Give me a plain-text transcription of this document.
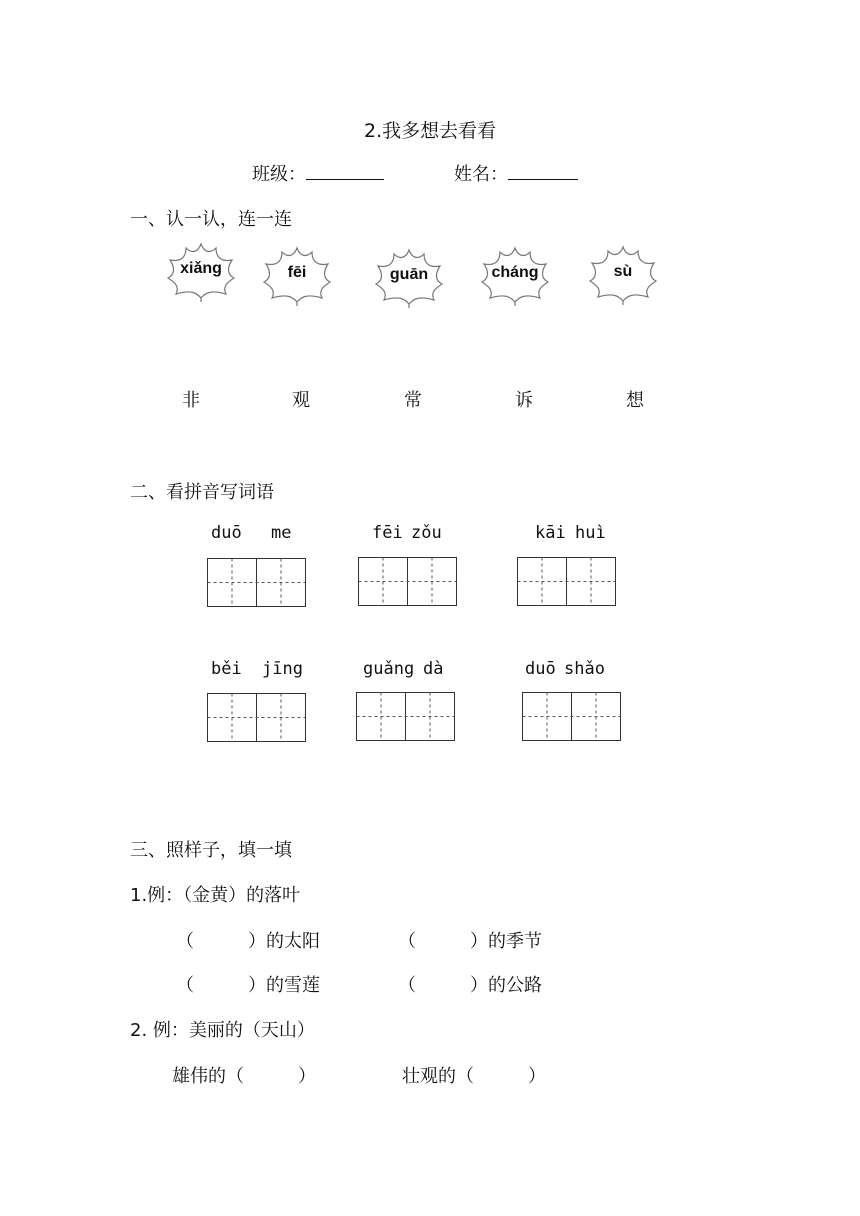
2.我多想去看看
班级：	姓名：
一、认一认，连一连
xiǎng	fēi	guān	cháng	sù
非	观	常	诉	想
二、看拼音写词语
duō me	fēi zǒu	kāi huì
běi jīng	guǎng dà	duō shǎo
三、照样子，填一填
1.例：（金黄）的落叶
（　　　）的太阳	（　　　）的季节
（　　　）的雪莲	（　　　）的公路
2. 例：美丽的（天山）
雄伟的（　　　）	壮观的（　　　）
